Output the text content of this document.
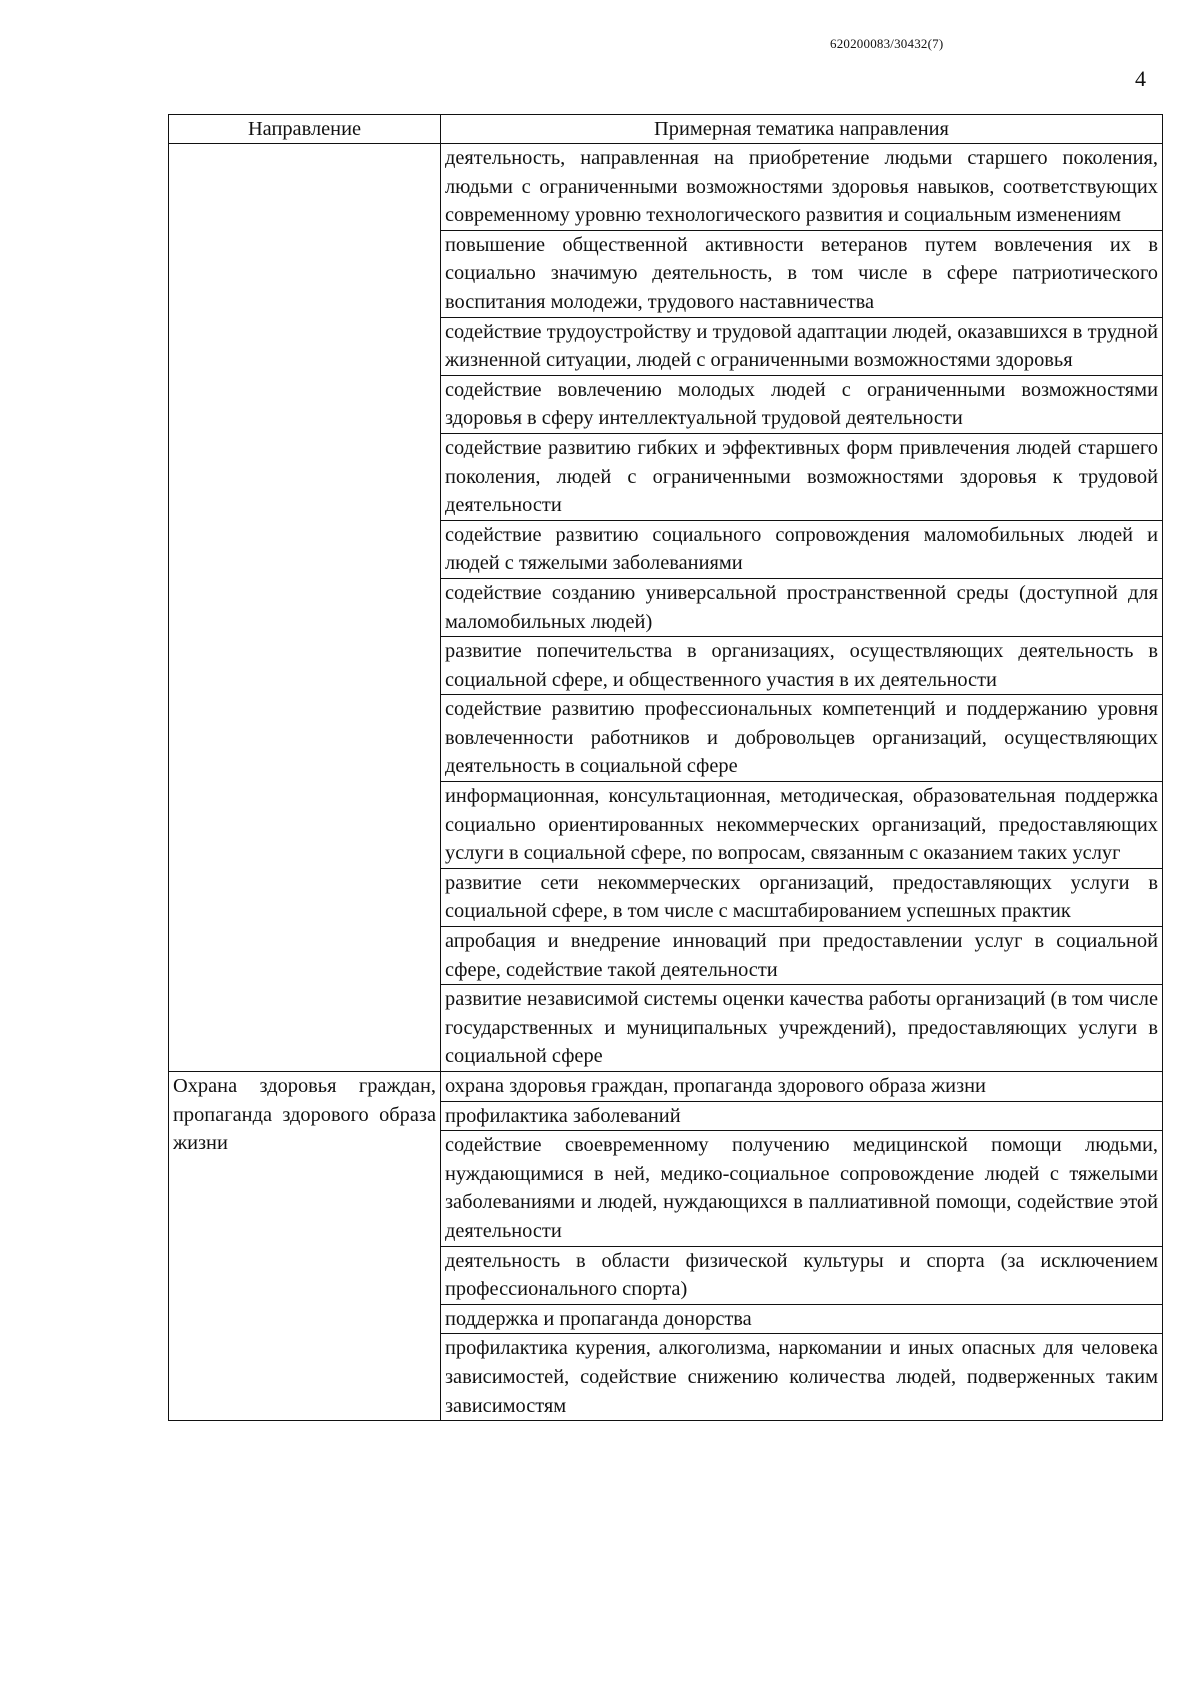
620200083/30432(7)
4
Направление	Примерная тематика направления
	деятельность, направленная на приобретение людьми старшего поколения, людьми с ограниченными возможностями здоровья навыков, соответствующих современному уровню технологического развития и социальным изменениям
	повышение общественной активности ветеранов путем вовлечения их в социально значимую деятельность, в том числе в сфере патриотического воспитания молодежи, трудового наставничества
	содействие трудоустройству и трудовой адаптации людей, оказавшихся в трудной жизненной ситуации, людей с ограниченными возможностями здоровья
	содействие вовлечению молодых людей с ограниченными возможностями здоровья в сферу интеллектуальной трудовой деятельности
	содействие развитию гибких и эффективных форм привлечения людей старшего поколения, людей с ограниченными возможностями здоровья к трудовой деятельности
	содействие развитию социального сопровождения маломобильных людей и людей с тяжелыми заболеваниями
	содействие созданию универсальной пространственной среды (доступной для маломобильных людей)
	развитие попечительства в организациях, осуществляющих деятельность в социальной сфере, и общественного участия в их деятельности
	содействие развитию профессиональных компетенций и поддержанию уровня вовлеченности работников и добровольцев организаций, осуществляющих деятельность в социальной сфере
	информационная, консультационная, методическая, образовательная поддержка социально ориентированных некоммерческих организаций, предоставляющих услуги в социальной сфере, по вопросам, связанным с оказанием таких услуг
	развитие сети некоммерческих организаций, предоставляющих услуги в социальной сфере, в том числе с масштабированием успешных практик
	апробация и внедрение инноваций при предоставлении услуг в социальной сфере, содействие такой деятельности
	развитие независимой системы оценки качества работы организаций (в том числе государственных и муниципальных учреждений), предоставляющих услуги в социальной сфере
Охрана здоровья граждан, пропаганда здорового образа жизни	охрана здоровья граждан, пропаганда здорового образа жизни
	профилактика заболеваний
	содействие своевременному получению медицинской помощи людьми, нуждающимися в ней, медико-социальное сопровождение людей с тяжелыми заболеваниями и людей, нуждающихся в паллиативной помощи, содействие этой деятельности
	деятельность в области физической культуры и спорта (за исключением профессионального спорта)
	поддержка и пропаганда донорства
	профилактика курения, алкоголизма, наркомании и иных опасных для человека зависимостей, содействие снижению количества людей, подверженных таким зависимостям
